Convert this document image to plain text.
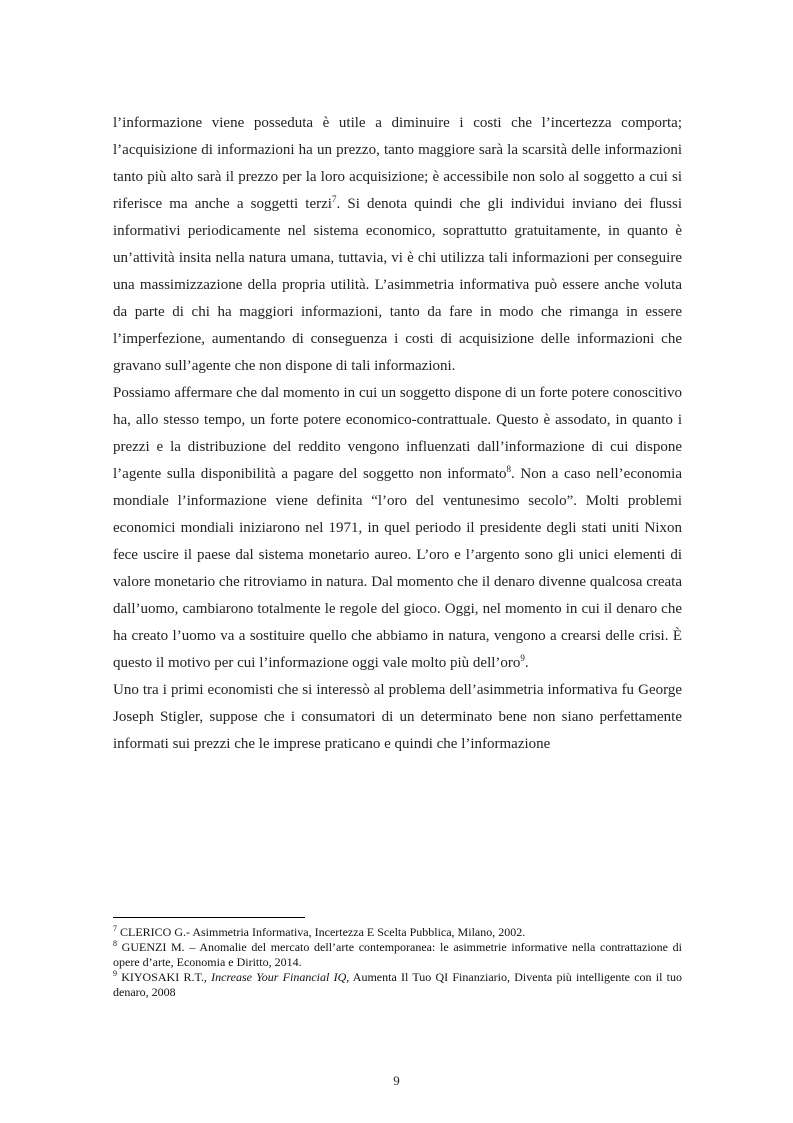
l’informazione viene posseduta è utile a diminuire i costi che l’incertezza comporta; l’acquisizione di informazioni ha un prezzo, tanto maggiore sarà la scarsità delle informazioni tanto più alto sarà il prezzo per la loro acquisizione; è accessibile non solo al soggetto a cui si riferisce ma anche a soggetti terzi$^7$. Si denota quindi che gli individui inviano dei flussi informativi periodicamente nel sistema economico, soprattutto gratuitamente, in quanto è un’attività insita nella natura umana, tuttavia, vi è chi utilizza tali informazioni per conseguire una massimizzazione della propria utilità. L’asimmetria informativa può essere anche voluta da parte di chi ha maggiori informazioni, tanto da fare in modo che rimanga in essere l’imperfezione, aumentando di conseguenza i costi di acquisizione delle informazioni che gravano sull’agente che non dispone di tali informazioni.

Possiamo affermare che dal momento in cui un soggetto dispone di un forte potere conoscitivo ha, allo stesso tempo, un forte potere economico-contrattuale. Questo è assodato, in quanto i prezzi e la distribuzione del reddito vengono influenzati dall’informazione di cui dispone l’agente sulla disponibilità a pagare del soggetto non informato$^8$. Non a caso nell’economia mondiale l’informazione viene definita “l’oro del ventunesimo secolo”. Molti problemi economici mondiali iniziarono nel 1971, in quel periodo il presidente degli stati uniti Nixon fece uscire il paese dal sistema monetario aureo. L’oro e l’argento sono gli unici elementi di valore monetario che ritroviamo in natura. Dal momento che il denaro divenne qualcosa creata dall’uomo, cambiarono totalmente le regole del gioco. Oggi, nel momento in cui il denaro che ha creato l’uomo va a sostituire quello che abbiamo in natura, vengono a crearsi delle crisi. È questo il motivo per cui l’informazione oggi vale molto più dell’oro$^9$.

Uno tra i primi economisti che si interessò al problema dell’asimmetria informativa fu George Joseph Stigler, suppose che i consumatori di un determinato bene non siano perfettamente informati sui prezzi che le imprese praticano e quindi che l’informazione

$^7$ CLERICO G.- Asimmetria Informativa, Incertezza E Scelta Pubblica, Milano, 2002.

$^8$ GUENZI M. – Anomalie del mercato dell’arte contemporanea: le asimmetrie informative nella contrattazione di opere d’arte, Economia e Diritto, 2014.

$^9$ KIYOSAKI R.T., Increase Your Financial IQ, Aumenta Il Tuo QI Finanziario, Diventa più intelligente con il tuo denaro, 2008

9
